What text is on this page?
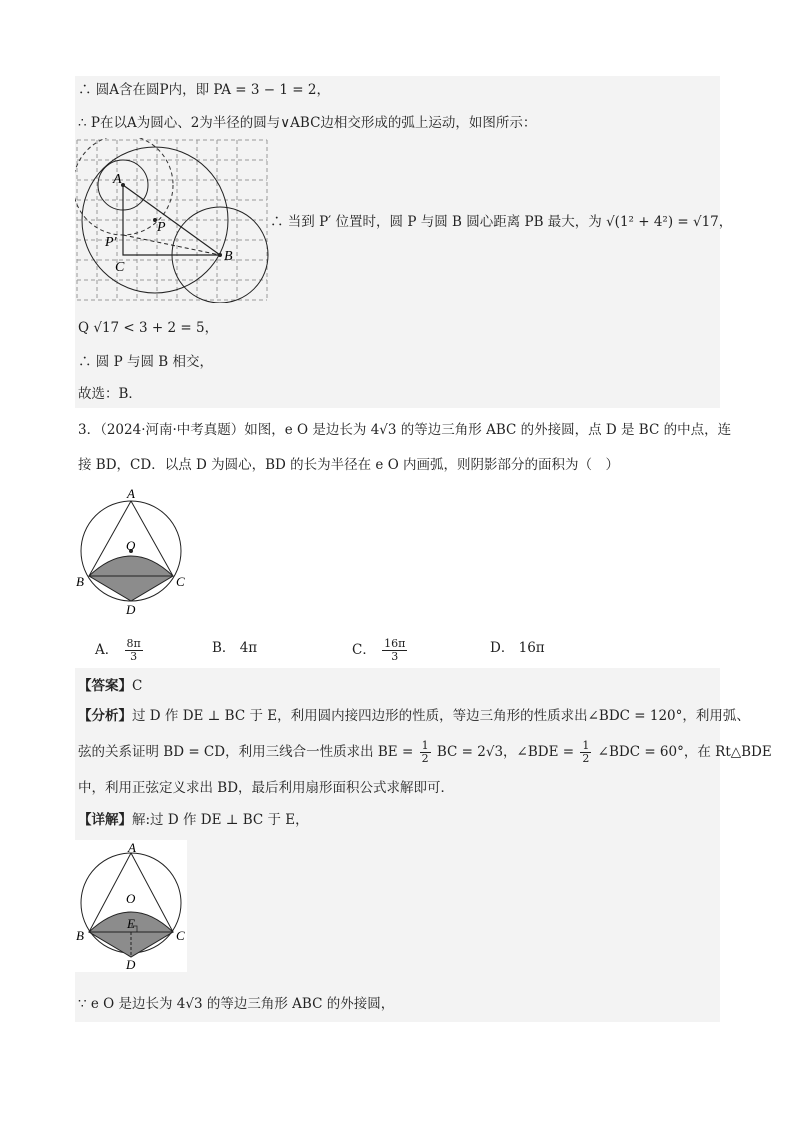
∴ 圆A含在圆P内，即 PA = 3 − 1 = 2，
∴ P在以A为圆心、2为半径的圆与∨ABC边相交形成的弧上运动，如图所示：
A
P
P′
C
B
∴ 当到 P′ 位置时，圆 P 与圆 B 圆心距离 PB 最大，为 √(1² + 4²) = √17，
Q √17 < 3 + 2 = 5，
∴ 圆 P 与圆 B 相交，
故选：B．
3．（2024·河南·中考真题）如图，e O 是边长为 4√3 的等边三角形 ABC 的外接圆，点 D 是 BC 的中点，连
接 BD，CD．以点 D 为圆心，BD 的长为半径在 e O 内画弧，则阴影部分的面积为（　）
A
O
B	C
D
A． $\frac{8\pi}{3}$	B． 4π	C． $\frac{16\pi}{3}$	D． 16π
【答案】C
【分析】过 D 作 DE ⊥ BC 于 E，利用圆内接四边形的性质，等边三角形的性质求出∠BDC = 120°，利用弧、
弦的关系证明 BD = CD，利用三线合一性质求出 BE = $\frac{1}{2}$ BC = 2√3，∠BDE = $\frac{1}{2}$ ∠BDC = 60°，在 Rt△BDE
中，利用正弦定义求出 BD，最后利用扇形面积公式求解即可．
【详解】解:过 D 作 DE ⊥ BC 于 E，
A
O
E
B	C
D
∵ e O 是边长为 4√3 的等边三角形 ABC 的外接圆，
